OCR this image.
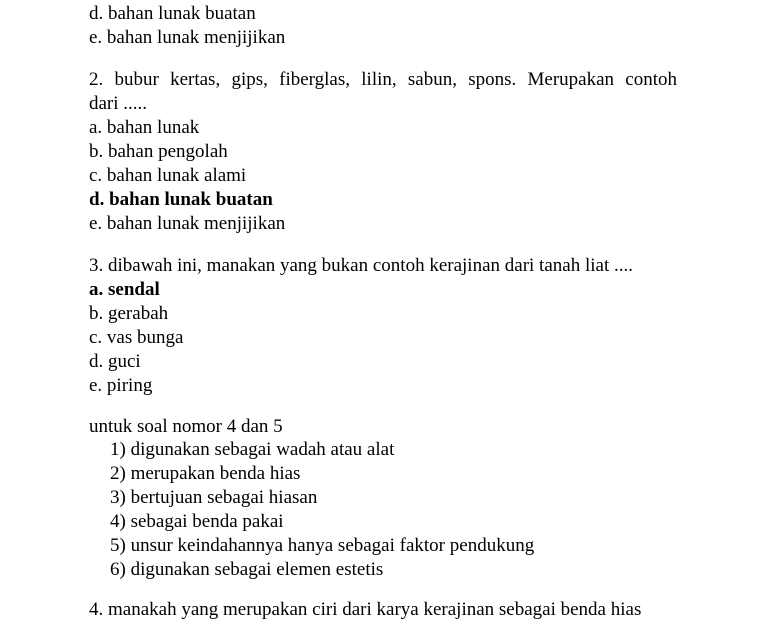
d. bahan lunak buatan
e. bahan lunak menjijikan
2. bubur kertas, gips, fiberglas, lilin, sabun, spons. Merupakan contoh
dari .....
a. bahan lunak
b. bahan pengolah
c. bahan lunak alami
d. bahan lunak buatan
e. bahan lunak menjijikan
3. dibawah ini, manakan yang bukan contoh kerajinan dari tanah liat ....
a. sendal
b. gerabah
c. vas bunga
d. guci
e. piring
untuk soal nomor 4 dan 5
1) digunakan sebagai wadah atau alat
2) merupakan benda hias
3) bertujuan sebagai hiasan
4) sebagai benda pakai
5) unsur keindahannya hanya sebagai faktor pendukung
6) digunakan sebagai elemen estetis
4. manakah yang merupakan ciri dari karya kerajinan sebagai benda hias
